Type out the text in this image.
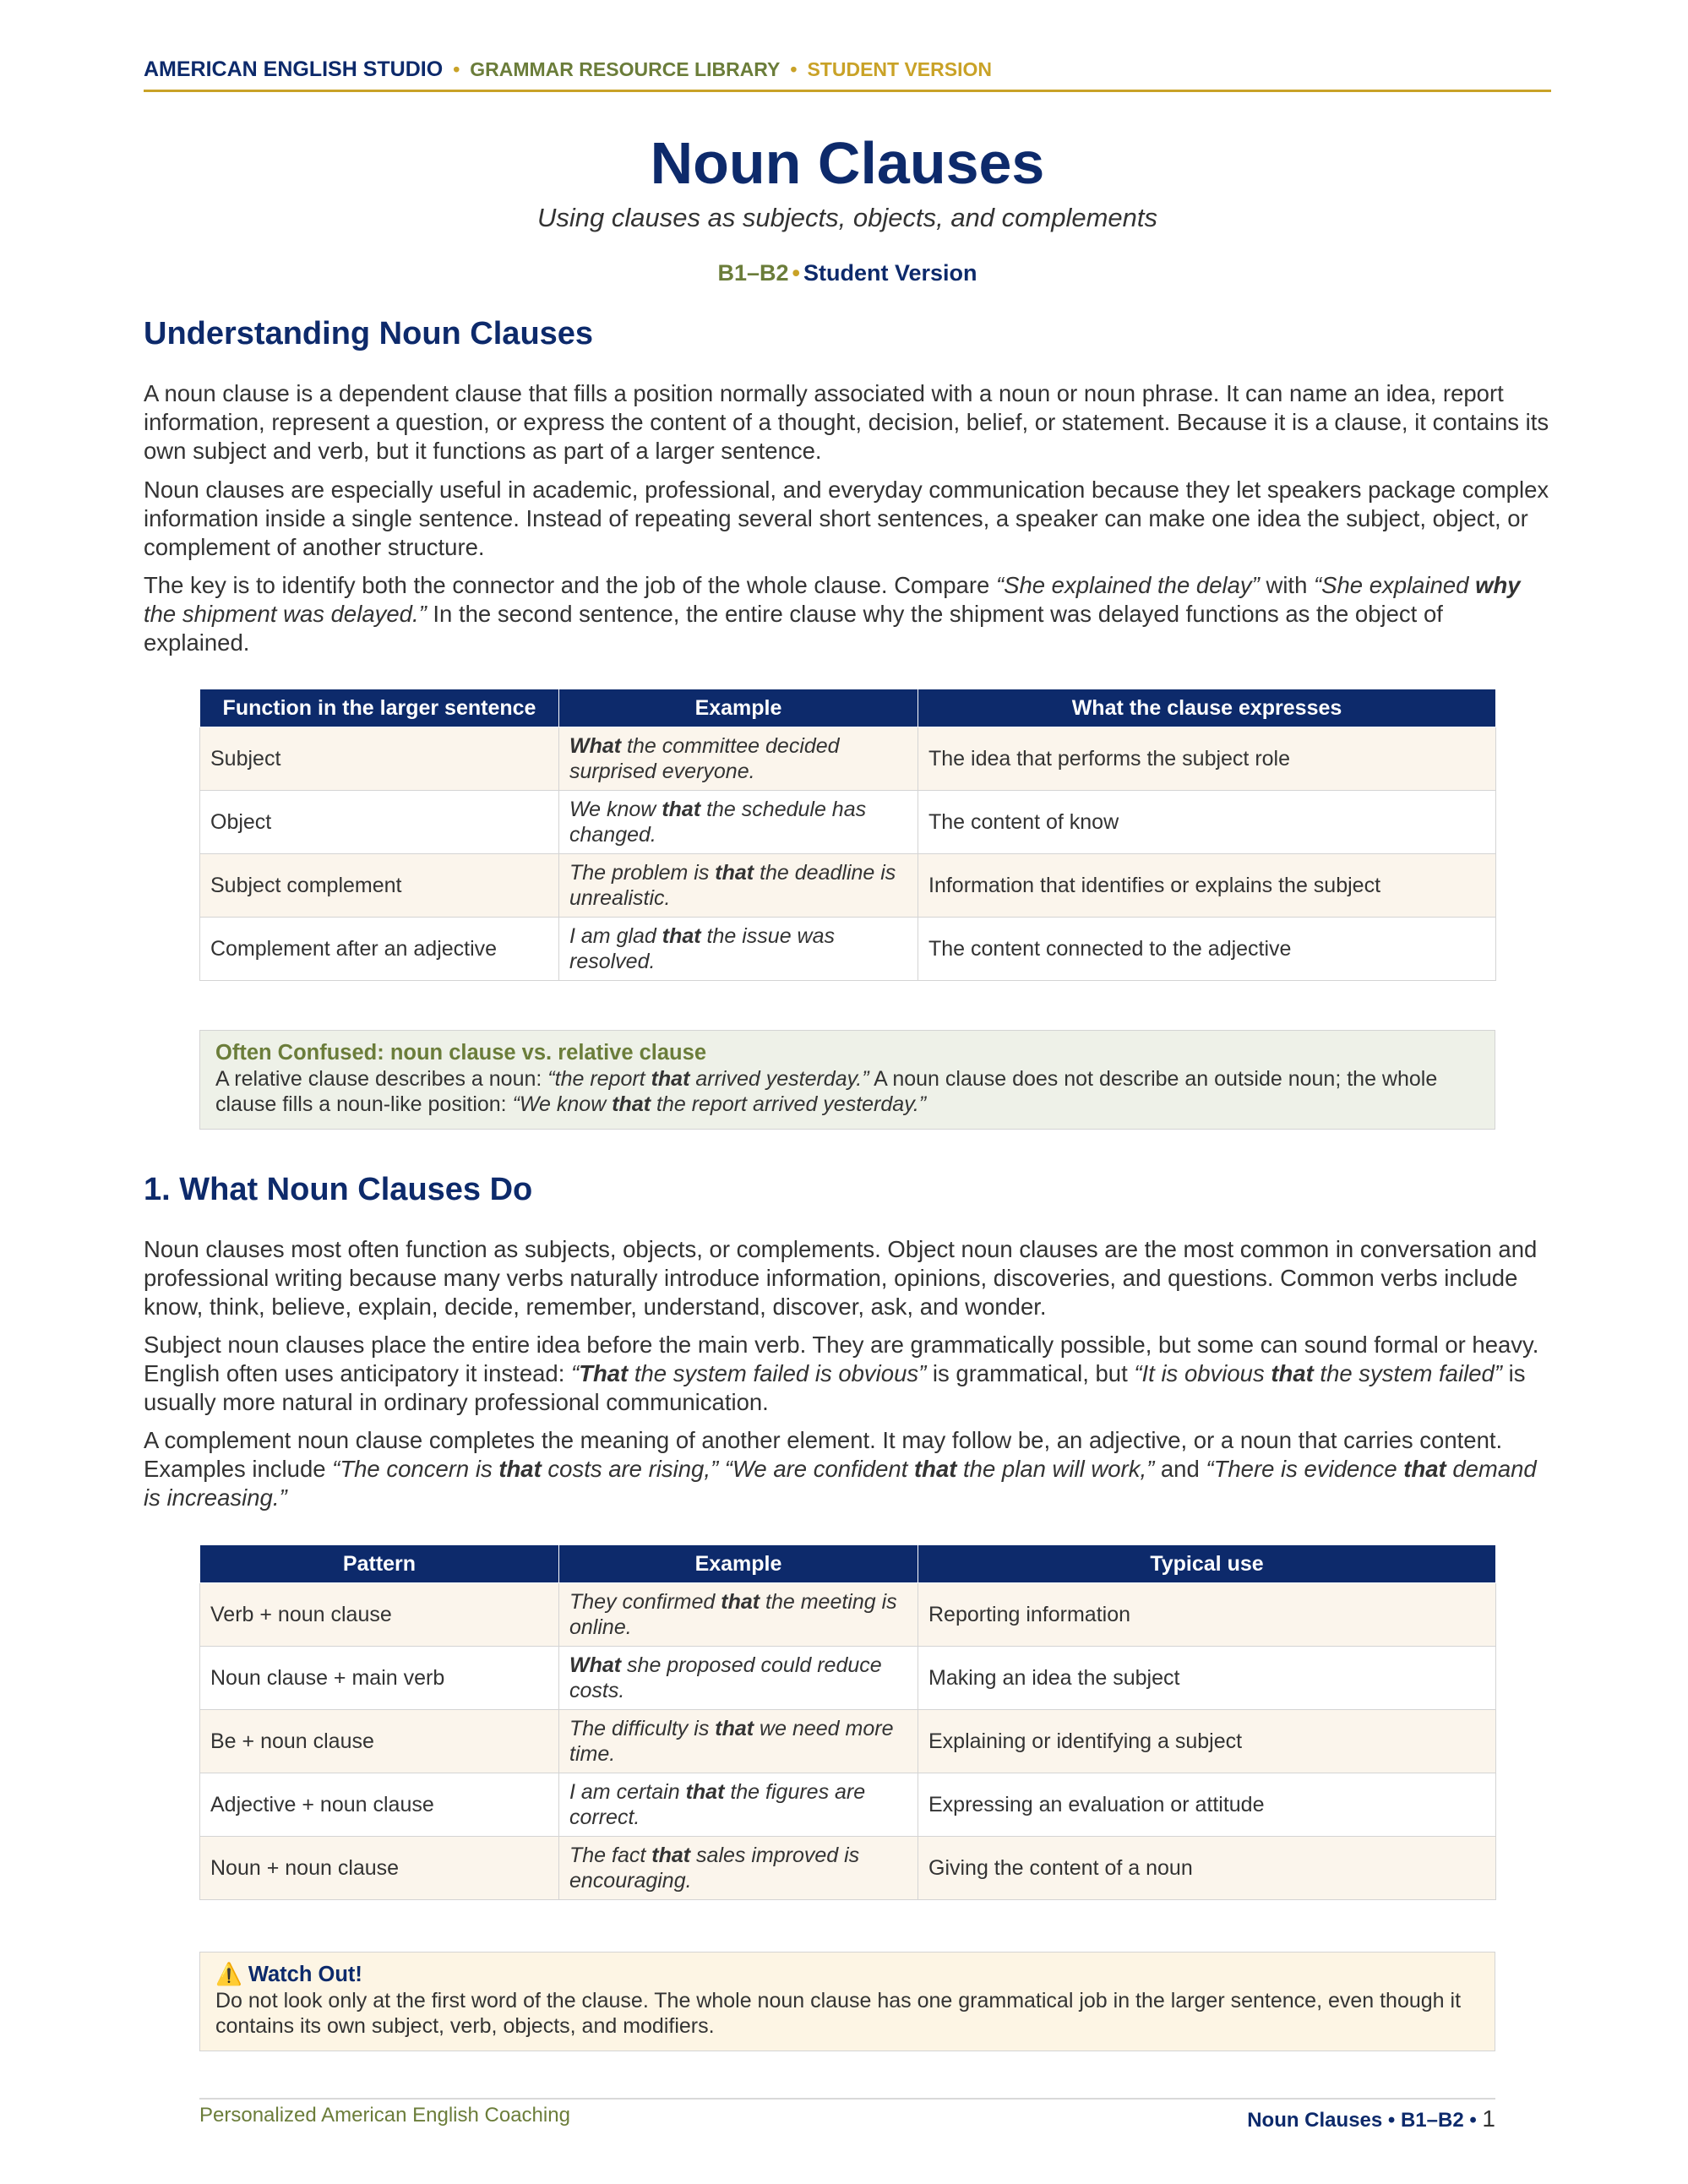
AMERICAN ENGLISH STUDIO • GRAMMAR RESOURCE LIBRARY • STUDENT VERSION
Noun Clauses
Using clauses as subjects, objects, and complements
B1–B2 • Student Version
Understanding Noun Clauses

A noun clause is a dependent clause that fills a position normally associated with a noun or noun phrase. It can name an idea, report information, represent a question, or express the content of a thought, decision, belief, or statement. Because it is a clause, it contains its own subject and verb, but it functions as part of a larger sentence.

Noun clauses are especially useful in academic, professional, and everyday communication because they let speakers package complex information inside a single sentence. Instead of repeating several short sentences, a speaker can make one idea the subject, object, or complement of another structure.

The key is to identify both the connector and the job of the whole clause. Compare “She explained the delay” with “She explained why the shipment was delayed.” In the second sentence, the entire clause why the shipment was delayed functions as the object of explained.

Function in the larger sentence	Example	What the clause expresses
Subject	What the committee decided surprised everyone.	The idea that performs the subject role
Object	We know that the schedule has changed.	The content of know
Subject complement	The problem is that the deadline is unrealistic.	Information that identifies or explains the subject
Complement after an adjective	I am glad that the issue was resolved.	The content connected to the adjective
Often Confused: noun clause vs. relative clause
A relative clause describes a noun: “the report that arrived yesterday.” A noun clause does not describe an outside noun; the whole clause fills a noun-like position: “We know that the report arrived yesterday.”
1. What Noun Clauses Do

Noun clauses most often function as subjects, objects, or complements. Object noun clauses are the most common in conversation and professional writing because many verbs naturally introduce information, opinions, discoveries, and questions. Common verbs include know, think, believe, explain, decide, remember, understand, discover, ask, and wonder.

Subject noun clauses place the entire idea before the main verb. They are grammatically possible, but some can sound formal or heavy. English often uses anticipatory it instead: “That the system failed is obvious” is grammatical, but “It is obvious that the system failed” is usually more natural in ordinary professional communication.

A complement noun clause completes the meaning of another element. It may follow be, an adjective, or a noun that carries content. Examples include “The concern is that costs are rising,” “We are confident that the plan will work,” and “There is evidence that demand is increasing.”

Pattern	Example	Typical use
Verb + noun clause	They confirmed that the meeting is online.	Reporting information
Noun clause + main verb	What she proposed could reduce costs.	Making an idea the subject
Be + noun clause	The difficulty is that we need more time.	Explaining or identifying a subject
Adjective + noun clause	I am certain that the figures are correct.	Expressing an evaluation or attitude
Noun + noun clause	The fact that sales improved is encouraging.	Giving the content of a noun
⚠️ Watch Out!
Do not look only at the first word of the clause. The whole noun clause has one grammatical job in the larger sentence, even though it contains its own subject, verb, objects, and modifiers.
Personalized American English Coaching	Noun Clauses • B1–B2 • 1
